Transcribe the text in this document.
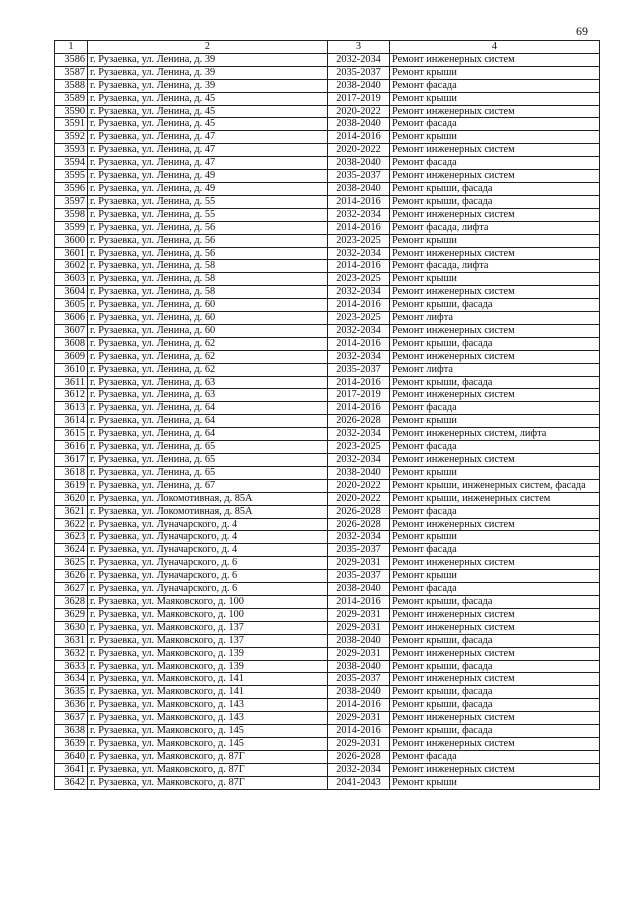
69
1	2	3	4
3586	г. Рузаевка, ул. Ленина, д. 39	2032-2034	Ремонт инженерных систем
3587	г. Рузаевка, ул. Ленина, д. 39	2035-2037	Ремонт крыши
3588	г. Рузаевка, ул. Ленина, д. 39	2038-2040	Ремонт фасада
3589	г. Рузаевка, ул. Ленина, д. 45	2017-2019	Ремонт крыши
3590	г. Рузаевка, ул. Ленина, д. 45	2020-2022	Ремонт инженерных систем
3591	г. Рузаевка, ул. Ленина, д. 45	2038-2040	Ремонт фасада
3592	г. Рузаевка, ул. Ленина, д. 47	2014-2016	Ремонт крыши
3593	г. Рузаевка, ул. Ленина, д. 47	2020-2022	Ремонт инженерных систем
3594	г. Рузаевка, ул. Ленина, д. 47	2038-2040	Ремонт фасада
3595	г. Рузаевка, ул. Ленина, д. 49	2035-2037	Ремонт инженерных систем
3596	г. Рузаевка, ул. Ленина, д. 49	2038-2040	Ремонт крыши, фасада
3597	г. Рузаевка, ул. Ленина, д. 55	2014-2016	Ремонт крыши, фасада
3598	г. Рузаевка, ул. Ленина, д. 55	2032-2034	Ремонт инженерных систем
3599	г. Рузаевка, ул. Ленина, д. 56	2014-2016	Ремонт фасада, лифта
3600	г. Рузаевка, ул. Ленина, д. 56	2023-2025	Ремонт крыши
3601	г. Рузаевка, ул. Ленина, д. 56	2032-2034	Ремонт инженерных систем
3602	г. Рузаевка, ул. Ленина, д. 58	2014-2016	Ремонт фасада, лифта
3603	г. Рузаевка, ул. Ленина, д. 58	2023-2025	Ремонт крыши
3604	г. Рузаевка, ул. Ленина, д. 58	2032-2034	Ремонт инженерных систем
3605	г. Рузаевка, ул. Ленина, д. 60	2014-2016	Ремонт крыши, фасада
3606	г. Рузаевка, ул. Ленина, д. 60	2023-2025	Ремонт лифта
3607	г. Рузаевка, ул. Ленина, д. 60	2032-2034	Ремонт инженерных систем
3608	г. Рузаевка, ул. Ленина, д. 62	2014-2016	Ремонт крыши, фасада
3609	г. Рузаевка, ул. Ленина, д. 62	2032-2034	Ремонт инженерных систем
3610	г. Рузаевка, ул. Ленина, д. 62	2035-2037	Ремонт лифта
3611	г. Рузаевка, ул. Ленина, д. 63	2014-2016	Ремонт крыши, фасада
3612	г. Рузаевка, ул. Ленина, д. 63	2017-2019	Ремонт инженерных систем
3613	г. Рузаевка, ул. Ленина, д. 64	2014-2016	Ремонт фасада
3614	г. Рузаевка, ул. Ленина, д. 64	2026-2028	Ремонт крыши
3615	г. Рузаевка, ул. Ленина, д. 64	2032-2034	Ремонт инженерных систем, лифта
3616	г. Рузаевка, ул. Ленина, д. 65	2023-2025	Ремонт фасада
3617	г. Рузаевка, ул. Ленина, д. 65	2032-2034	Ремонт инженерных систем
3618	г. Рузаевка, ул. Ленина, д. 65	2038-2040	Ремонт крыши
3619	г. Рузаевка, ул. Ленина, д. 67	2020-2022	Ремонт крыши, инженерных систем, фасада
3620	г. Рузаевка, ул. Локомотивная, д. 85А	2020-2022	Ремонт крыши, инженерных систем
3621	г. Рузаевка, ул. Локомотивная, д. 85А	2026-2028	Ремонт фасада
3622	г. Рузаевка, ул. Луначарского, д. 4	2026-2028	Ремонт инженерных систем
3623	г. Рузаевка, ул. Луначарского, д. 4	2032-2034	Ремонт крыши
3624	г. Рузаевка, ул. Луначарского, д. 4	2035-2037	Ремонт фасада
3625	г. Рузаевка, ул. Луначарского, д. 6	2029-2031	Ремонт инженерных систем
3626	г. Рузаевка, ул. Луначарского, д. 6	2035-2037	Ремонт крыши
3627	г. Рузаевка, ул. Луначарского, д. 6	2038-2040	Ремонт фасада
3628	г. Рузаевка, ул. Маяковского, д. 100	2014-2016	Ремонт крыши, фасада
3629	г. Рузаевка, ул. Маяковского, д. 100	2029-2031	Ремонт инженерных систем
3630	г. Рузаевка, ул. Маяковского, д. 137	2029-2031	Ремонт инженерных систем
3631	г. Рузаевка, ул. Маяковского, д. 137	2038-2040	Ремонт крыши, фасада
3632	г. Рузаевка, ул. Маяковского, д. 139	2029-2031	Ремонт инженерных систем
3633	г. Рузаевка, ул. Маяковского, д. 139	2038-2040	Ремонт крыши, фасада
3634	г. Рузаевка, ул. Маяковского, д. 141	2035-2037	Ремонт инженерных систем
3635	г. Рузаевка, ул. Маяковского, д. 141	2038-2040	Ремонт крыши, фасада
3636	г. Рузаевка, ул. Маяковского, д. 143	2014-2016	Ремонт крыши, фасада
3637	г. Рузаевка, ул. Маяковского, д. 143	2029-2031	Ремонт инженерных систем
3638	г. Рузаевка, ул. Маяковского, д. 145	2014-2016	Ремонт крыши, фасада
3639	г. Рузаевка, ул. Маяковского, д. 145	2029-2031	Ремонт инженерных систем
3640	г. Рузаевка, ул. Маяковского, д. 87Г	2026-2028	Ремонт фасада
3641	г. Рузаевка, ул. Маяковского, д. 87Г	2032-2034	Ремонт инженерных систем
3642	г. Рузаевка, ул. Маяковского, д. 87Г	2041-2043	Ремонт крыши
